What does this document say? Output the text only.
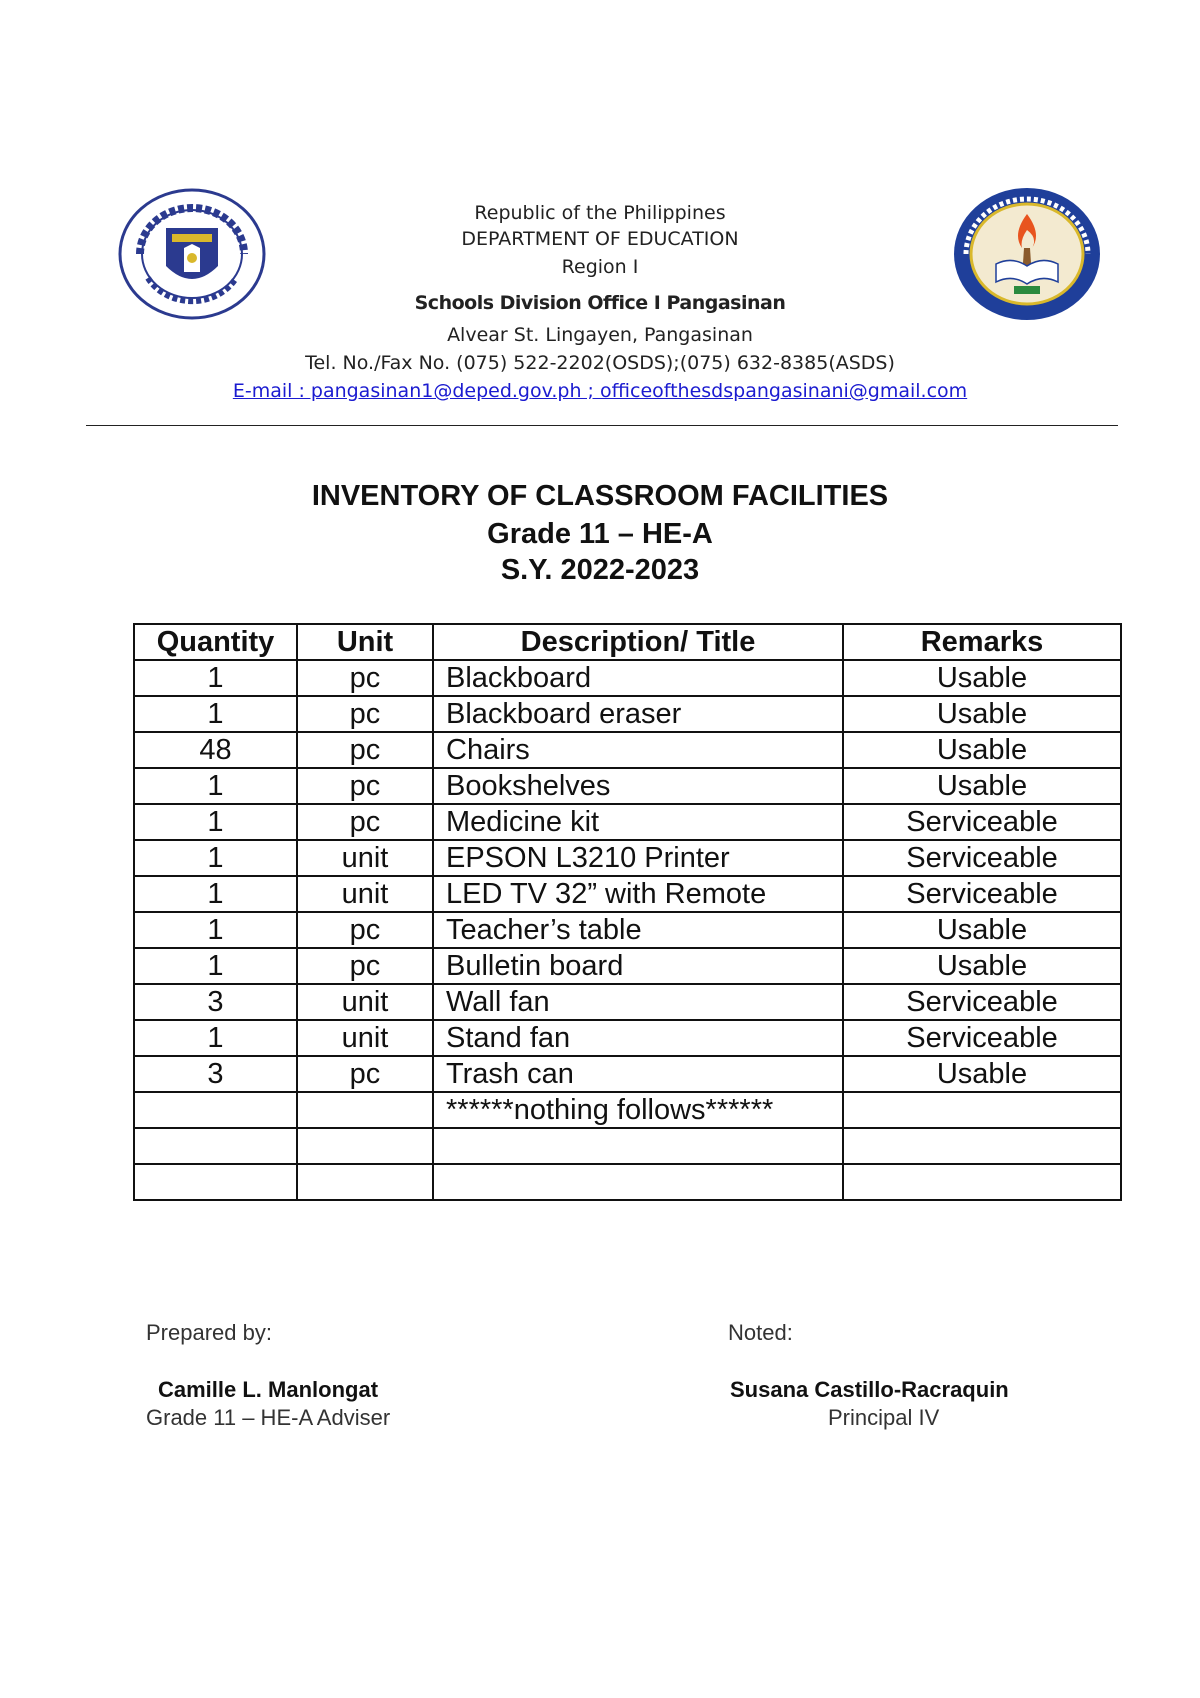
Republic of the Philippines
DEPARTMENT OF EDUCATION
Region I
Schools Division Office I Pangasinan
Alvear St. Lingayen, Pangasinan
Tel. No./Fax No. (075) 522-2202(OSDS);(075) 632-8385(ASDS)
E-mail : pangasinan1@deped.gov.ph ; officeofthesdspangasinani@gmail.com
INVENTORY OF CLASSROOM FACILITIES
Grade 11 – HE-A
S.Y. 2022-2023
Quantity	Unit	Description/ Title	Remarks
1	pc	Blackboard	Usable
1	pc	Blackboard eraser	Usable
48	pc	Chairs	Usable
1	pc	Bookshelves	Usable
1	pc	Medicine kit	Serviceable
1	unit	EPSON L3210 Printer	Serviceable
1	unit	LED TV 32” with Remote	Serviceable
1	pc	Teacher’s table	Usable
1	pc	Bulletin board	Usable
3	unit	Wall fan	Serviceable
1	unit	Stand fan	Serviceable
3	pc	Trash can	Usable
		******nothing follows******	

Prepared by:
Camille L. Manlongat
Grade 11 – HE-A Adviser
Noted:
Susana Castillo-Racraquin
Principal IV
